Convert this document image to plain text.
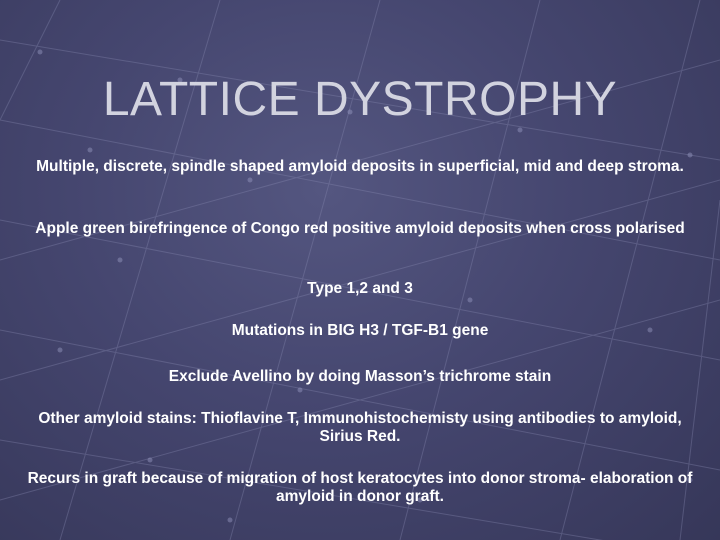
LATTICE DYSTROPHY

Multiple, discrete, spindle shaped amyloid deposits in superficial, mid and deep stroma.

Apple green birefringence of Congo red positive amyloid deposits when cross polarised

Type 1,2 and 3

Mutations in BIG H3 / TGF-B1 gene

Exclude Avellino by doing Masson’s trichrome stain

Other amyloid stains: Thioflavine T, Immunohistochemisty using antibodies to amyloid, Sirius Red.

Recurs in graft because of migration of host keratocytes into donor stroma- elaboration of amyloid in donor graft.
